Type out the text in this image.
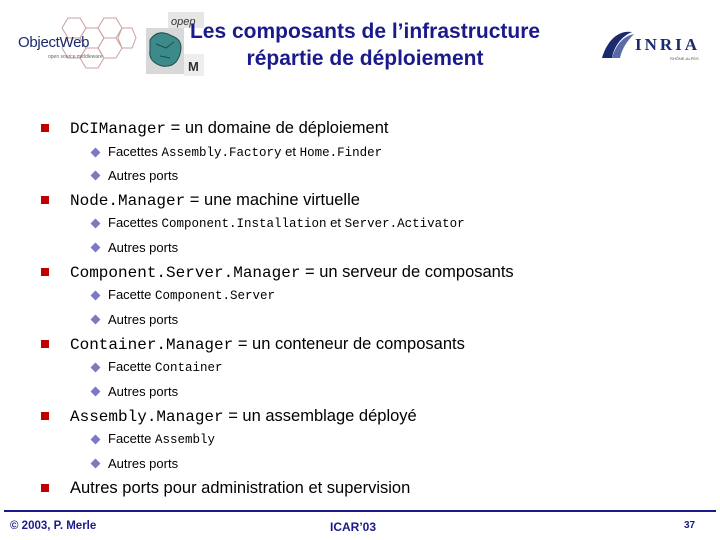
ObjectWeb
open source middleware
opep
M
Les composants de l’infrastructure
répartie de déploiement
INRIA
RHÔNE-ALPES
DCIManager = un domaine de déploiement
Facettes Assembly.Factory et Home.Finder
Autres ports
Node.Manager = une machine virtuelle
Facettes Component.Installation et Server.Activator
Autres ports
Component.Server.Manager = un serveur de composants
Facette Component.Server
Autres ports
Container.Manager = un conteneur de composants
Facette Container
Autres ports
Assembly.Manager = un assemblage déployé
Facette Assembly
Autres ports
Autres ports pour administration et supervision
© 2003, P. Merle	ICAR’03	37
